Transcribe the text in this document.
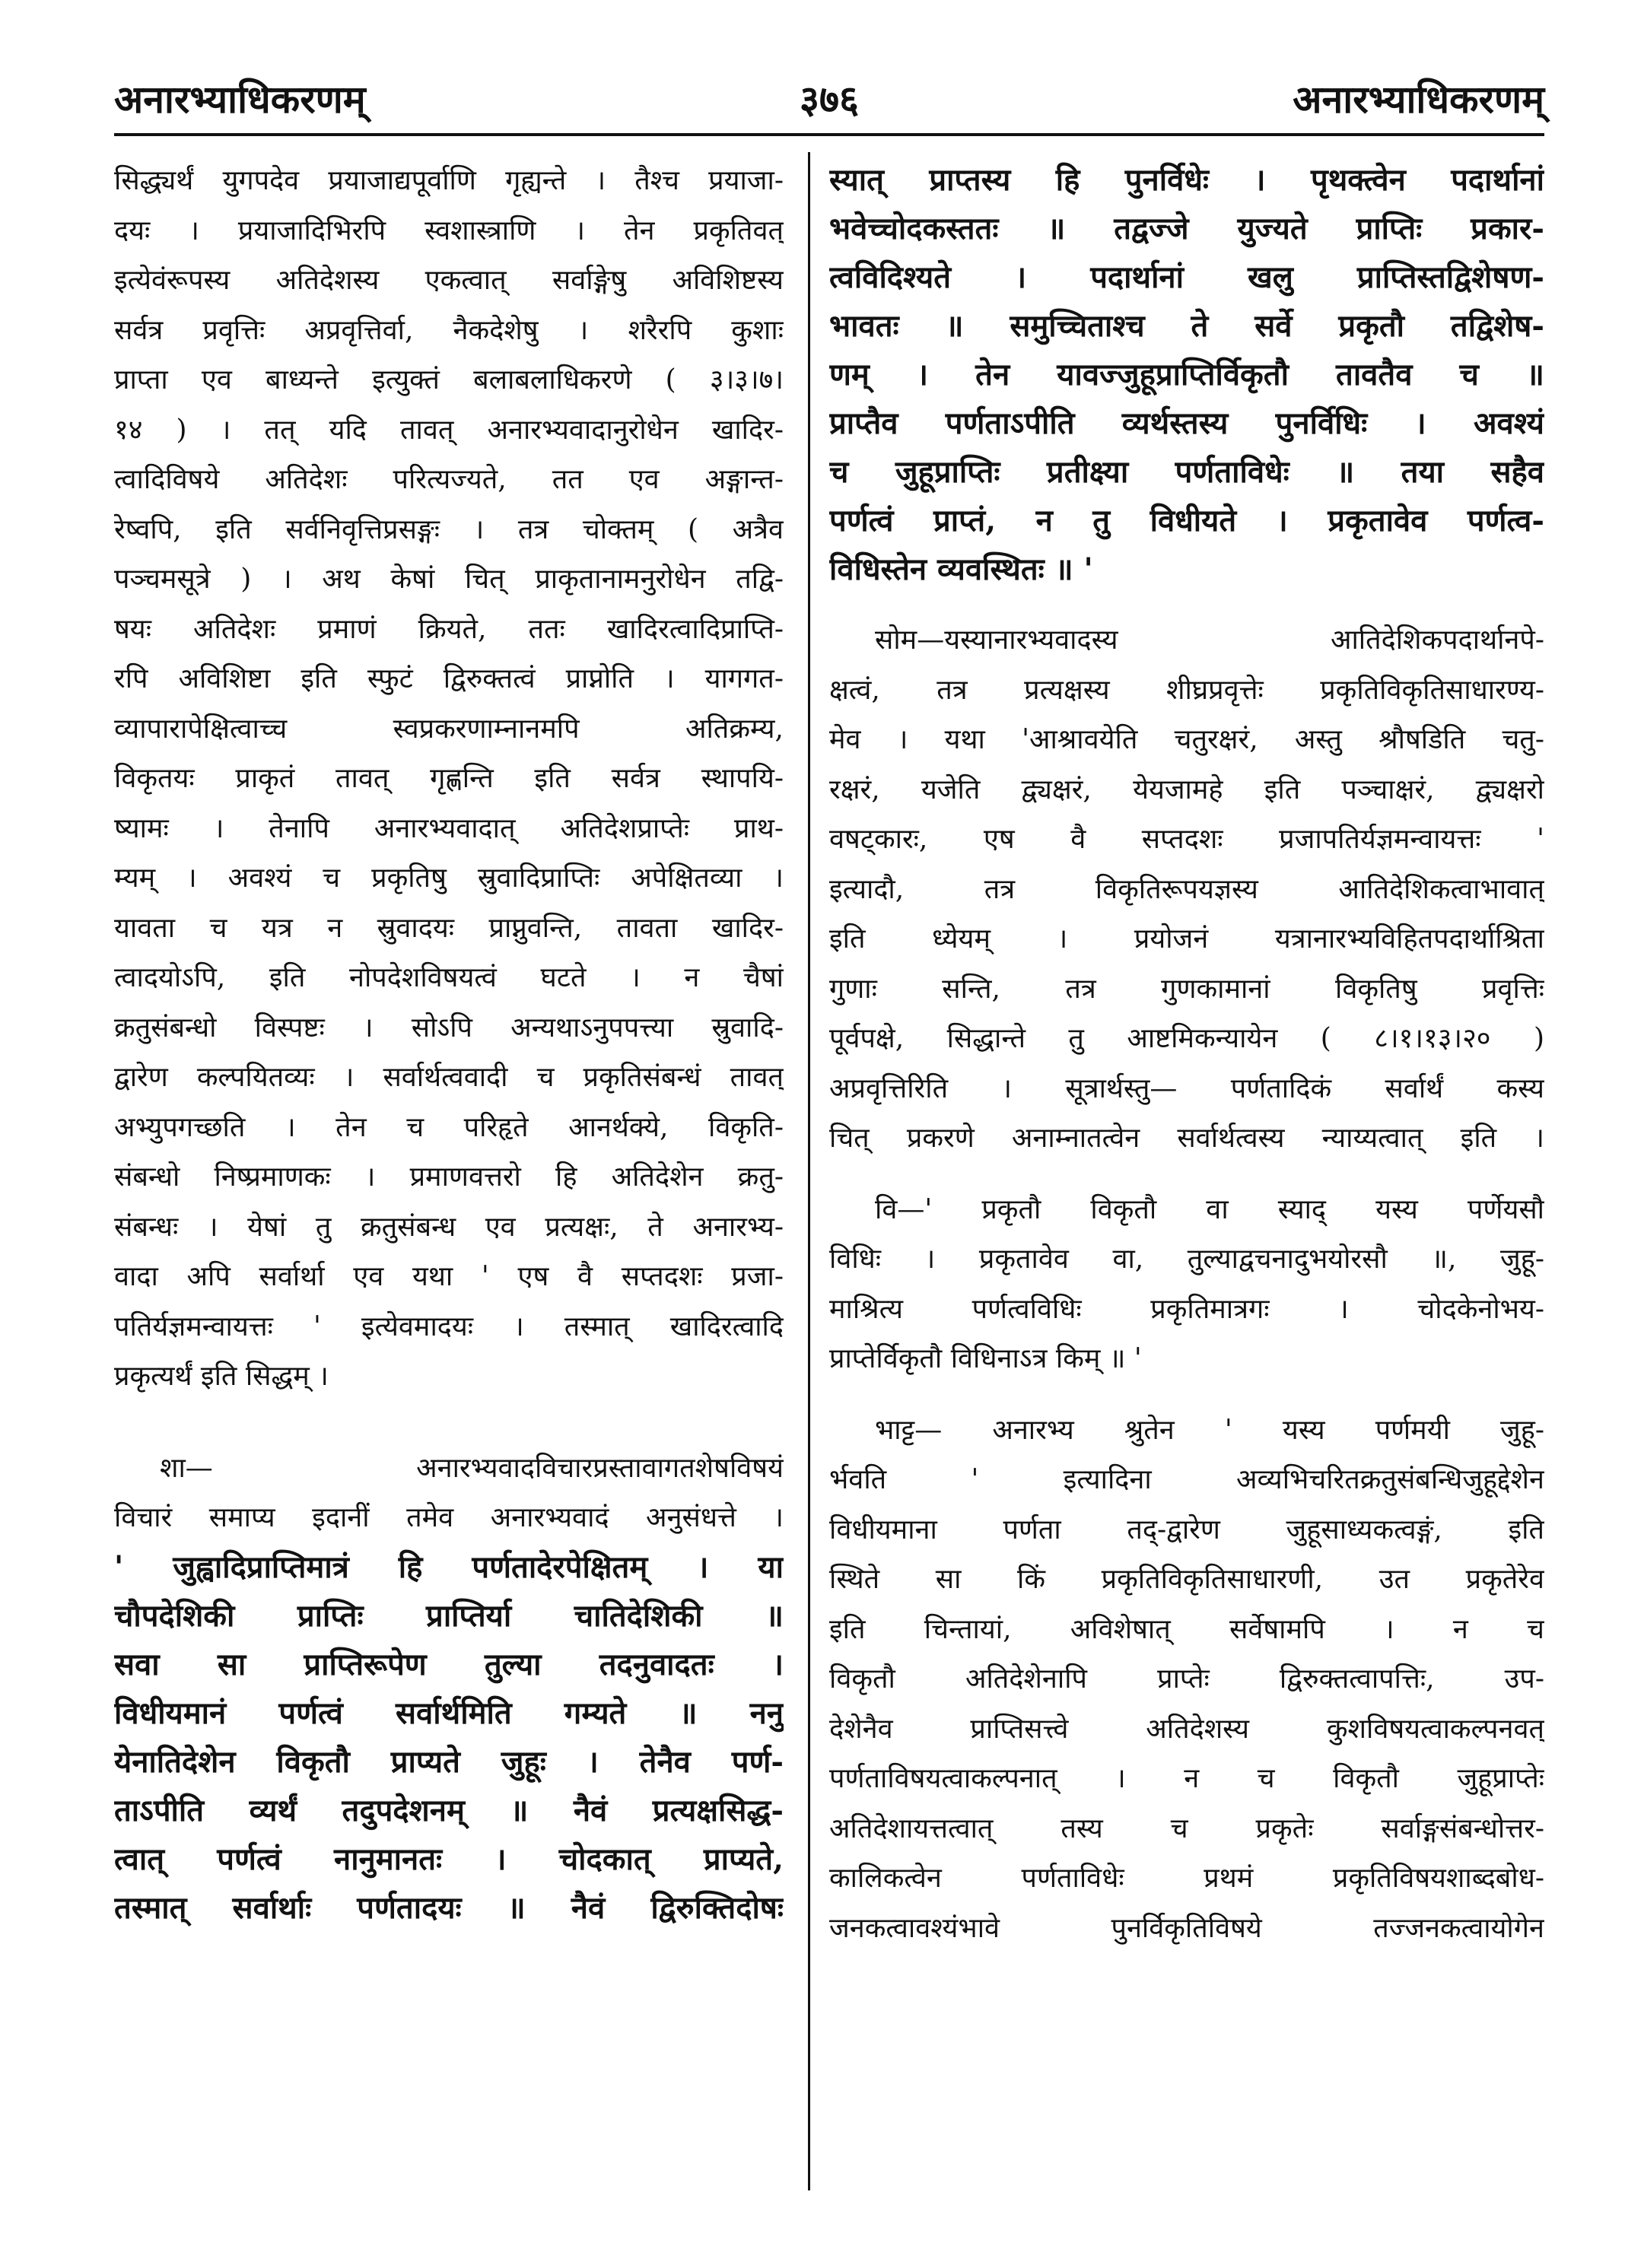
३७६
अनारभ्याधिकरणम्	अनारभ्याधिकरणम्

सिद्ध्यर्थं युगपदेव प्रयाजाद्यपूर्वाणि गृह्यन्ते । तैश्च प्रयाजा-

दयः । प्रयाजादिभिरपि स्वशास्त्राणि । तेन प्रकृतिवत्

इत्येवंरूपस्य अतिदेशस्य एकत्वात् सर्वाङ्गेषु अविशिष्टस्य

सर्वत्र प्रवृत्तिः अप्रवृत्तिर्वा, नैकदेशेषु । शरैरपि कुशाः

प्राप्ता एव बाध्यन्ते इत्युक्तं बलाबलाधिकरणे ( ३।३।७।

१४ ) । तत् यदि तावत् अनारभ्यवादानुरोधेन खादिर-

त्वादिविषये अतिदेशः परित्यज्यते, तत एव अङ्गान्त-

रेष्वपि, इति सर्वनिवृत्तिप्रसङ्गः । तत्र चोक्तम् ( अत्रैव

पञ्चमसूत्रे ) । अथ केषां चित् प्राकृतानामनुरोधेन तद्वि-

षयः अतिदेशः प्रमाणं क्रियते, ततः खादिरत्वादिप्राप्ति-

रपि अविशिष्टा इति स्फुटं द्विरुक्तत्वं प्राप्नोति । यागगत-

व्यापारापेक्षित्वाच्च स्वप्रकरणाम्नानमपि अतिक्रम्य,

विकृतयः प्राकृतं तावत् गृह्णन्ति इति सर्वत्र स्थापयि-

ष्यामः । तेनापि अनारभ्यवादात् अतिदेशप्राप्तेः प्राथ-

म्यम् । अवश्यं च प्रकृतिषु स्रुवादिप्राप्तिः अपेक्षितव्या ।

यावता च यत्र न स्रुवादयः प्राप्नुवन्ति, तावता खादिर-

त्वादयोऽपि, इति नोपदेशविषयत्वं घटते । न चैषां

क्रतुसंबन्धो विस्पष्टः । सोऽपि अन्यथाऽनुपपत्त्या स्रुवादि-

द्वारेण कल्पयितव्यः । सर्वार्थत्ववादी च प्रकृतिसंबन्धं तावत्

अभ्युपगच्छति । तेन च परिहृते आनर्थक्ये, विकृति-

संबन्धो निष्प्रमाणकः । प्रमाणवत्तरो हि अतिदेशेन क्रतु-

संबन्धः । येषां तु क्रतुसंबन्ध एव प्रत्यक्षः, ते अनारभ्य-

वादा अपि सर्वार्था एव यथा ' एष वै सप्तदशः प्रजा-

पतिर्यज्ञमन्वायत्तः ' इत्येवमादयः । तस्मात् खादिरत्वादि

प्रकृत्यर्थं इति सिद्धम् ।

शा— अनारभ्यवादविचारप्रस्तावागतशेषविषयं

विचारं समाप्य इदानीं तमेव अनारभ्यवादं अनुसंधत्ते ।

' जुह्वादिप्राप्तिमात्रं हि पर्णतादेरपेक्षितम् । या

चौपदेशिकी प्राप्तिः प्राप्तिर्या चातिदेशिकी ॥

सवा सा प्राप्तिरूपेण तुल्या तदनुवादतः ।

विधीयमानं पर्णत्वं सर्वार्थमिति गम्यते ॥ ननु

येनातिदेशेन विकृतौ प्राप्यते जुहूः । तेनैव पर्ण-

ताऽपीति व्यर्थं तदुपदेशनम् ॥ नैवं प्रत्यक्षसिद्ध-

त्वात् पर्णत्वं नानुमानतः । चोदकात् प्राप्यते,

तस्मात् सर्वार्थाः पर्णतादयः ॥ नैवं द्विरुक्तिदोषः

स्यात् प्राप्तस्य हि पुनर्विधेः । पृथक्त्वेन पदार्थानां

भवेच्चोदकस्ततः ॥ तद्वज्जे युज्यते प्राप्तिः प्रकार-

त्वविदिश्यते । पदार्थानां खलु प्राप्तिस्तद्विशेषण-

भावतः ॥ समुच्चिताश्च ते सर्वे प्रकृतौ तद्विशेष-

णम् । तेन यावज्जुहूप्राप्तिर्विकृतौ तावतैव च ॥

प्राप्तैव पर्णताऽपीति व्यर्थस्तस्य पुनर्विधिः । अवश्यं

च जुहूप्राप्तिः प्रतीक्ष्या पर्णताविधेः ॥ तया सहैव

पर्णत्वं प्राप्तं, न तु विधीयते । प्रकृतावेव पर्णत्व-

विधिस्तेन व्यवस्थितः ॥ '

सोम—यस्यानारभ्यवादस्य आतिदेशिकपदार्थानपे-

क्षत्वं, तत्र प्रत्यक्षस्य शीघ्रप्रवृत्तेः प्रकृतिविकृतिसाधारण्य-

मेव । यथा 'आश्रावयेति चतुरक्षरं, अस्तु श्रौषडिति चतु-

रक्षरं, यजेति द्व्यक्षरं, येयजामहे इति पञ्चाक्षरं, द्व्यक्षरो

वषट्कारः, एष वै सप्तदशः प्रजापतिर्यज्ञमन्वायत्तः '

इत्यादौ, तत्र विकृतिरूपयज्ञस्य आतिदेशिकत्वाभावात्

इति ध्येयम् । प्रयोजनं यत्रानारभ्यविहितपदार्थाश्रिता

गुणाः सन्ति, तत्र गुणकामानां विकृतिषु प्रवृत्तिः

पूर्वपक्षे, सिद्धान्ते तु आष्टमिकन्यायेन ( ८।१।१३।२० )

अप्रवृत्तिरिति । सूत्रार्थस्तु— पर्णतादिकं सर्वार्थं कस्य

चित् प्रकरणे अनाम्नातत्वेन सर्वार्थत्वस्य न्याय्यत्वात् इति ।

वि—' प्रकृतौ विकृतौ वा स्याद् यस्य पर्णेयसौ

विधिः । प्रकृतावेव वा, तुल्याद्वचनादुभयोरसौ ॥, जुहू-

माश्रित्य पर्णत्वविधिः प्रकृतिमात्रगः । चोदकेनोभय-

प्राप्तेर्विकृतौ विधिनाऽत्र किम् ॥ '

भाट्ट— अनारभ्य श्रुतेन ' यस्य पर्णमयी जुहू-

र्भवति ' इत्यादिना अव्यभिचरितक्रतुसंबन्धिजुहूद्देशेन

विधीयमाना पर्णता तद्-द्वारेण जुहूसाध्यकत्वङ्गं, इति

स्थिते सा किं प्रकृतिविकृतिसाधारणी, उत प्रकृतेरेव

इति चिन्तायां, अविशेषात् सर्वेषामपि । न च

विकृतौ अतिदेशेनापि प्राप्तेः द्विरुक्तत्वापत्तिः, उप-

देशेनैव प्राप्तिसत्त्वे अतिदेशस्य कुशविषयत्वाकल्पनवत्

पर्णताविषयत्वाकल्पनात् । न च विकृतौ जुहूप्राप्तेः

अतिदेशायत्तत्वात् तस्य च प्रकृतेः सर्वाङ्गसंबन्धोत्तर-

कालिकत्वेन पर्णताविधेः प्रथमं प्रकृतिविषयशाब्दबोध-

जनकत्वावश्यंभावे पुनर्विकृतिविषये तज्जनकत्वायोगेन
